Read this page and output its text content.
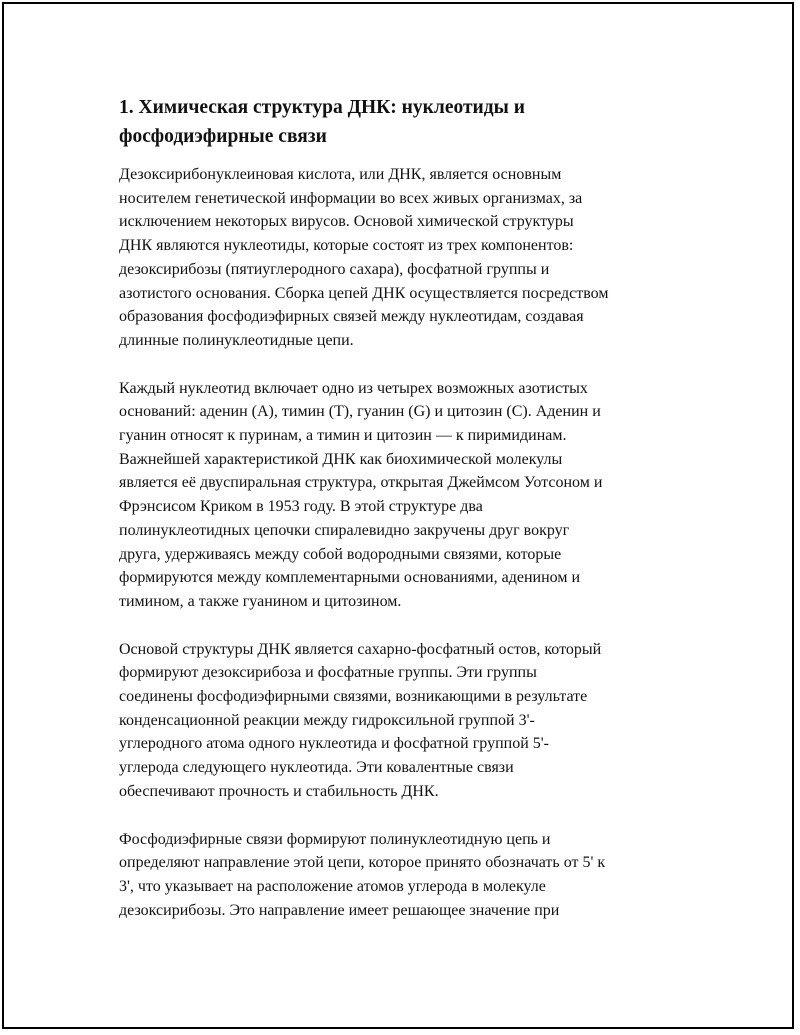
1. Химическая структура ДНК: нуклеотиды и
фосфодиэфирные связи
Дезоксирибонуклеиновая кислота, или ДНК, является основным
носителем генетической информации во всех живых организмах, за
исключением некоторых вирусов. Основой химической структуры
ДНК являются нуклеотиды, которые состоят из трех компонентов:
дезоксирибозы (пятиуглеродного сахара), фосфатной группы и
азотистого основания. Сборка цепей ДНК осуществляется посредством
образования фосфодиэфирных связей между нуклеотидам, создавая
длинные полинуклеотидные цепи.
Каждый нуклеотид включает одно из четырех возможных азотистых
оснований: аденин (A), тимин (T), гуанин (G) и цитозин (C). Аденин и
гуанин относят к пуринам, а тимин и цитозин — к пиримидинам.
Важнейшей характеристикой ДНК как биохимической молекулы
является её двуспиральная структура, открытая Джеймсом Уотсоном и
Фрэнсисом Криком в 1953 году. В этой структуре два
полинуклеотидных цепочки спиралевидно закручены друг вокруг
друга, удерживаясь между собой водородными связями, которые
формируются между комплементарными основаниями, аденином и
тимином, а также гуанином и цитозином.
Основой структуры ДНК является сахарно-фосфатный остов, который
формируют дезоксирибоза и фосфатные группы. Эти группы
соединены фосфодиэфирными связями, возникающими в результате
конденсационной реакции между гидроксильной группой 3'-
углеродного атома одного нуклеотида и фосфатной группой 5'-
углерода следующего нуклеотида. Эти ковалентные связи
обеспечивают прочность и стабильность ДНК.
Фосфодиэфирные связи формируют полинуклеотидную цепь и
определяют направление этой цепи, которое принято обозначать от 5' к
3', что указывает на расположение атомов углерода в молекуле
дезоксирибозы. Это направление имеет решающее значение при
